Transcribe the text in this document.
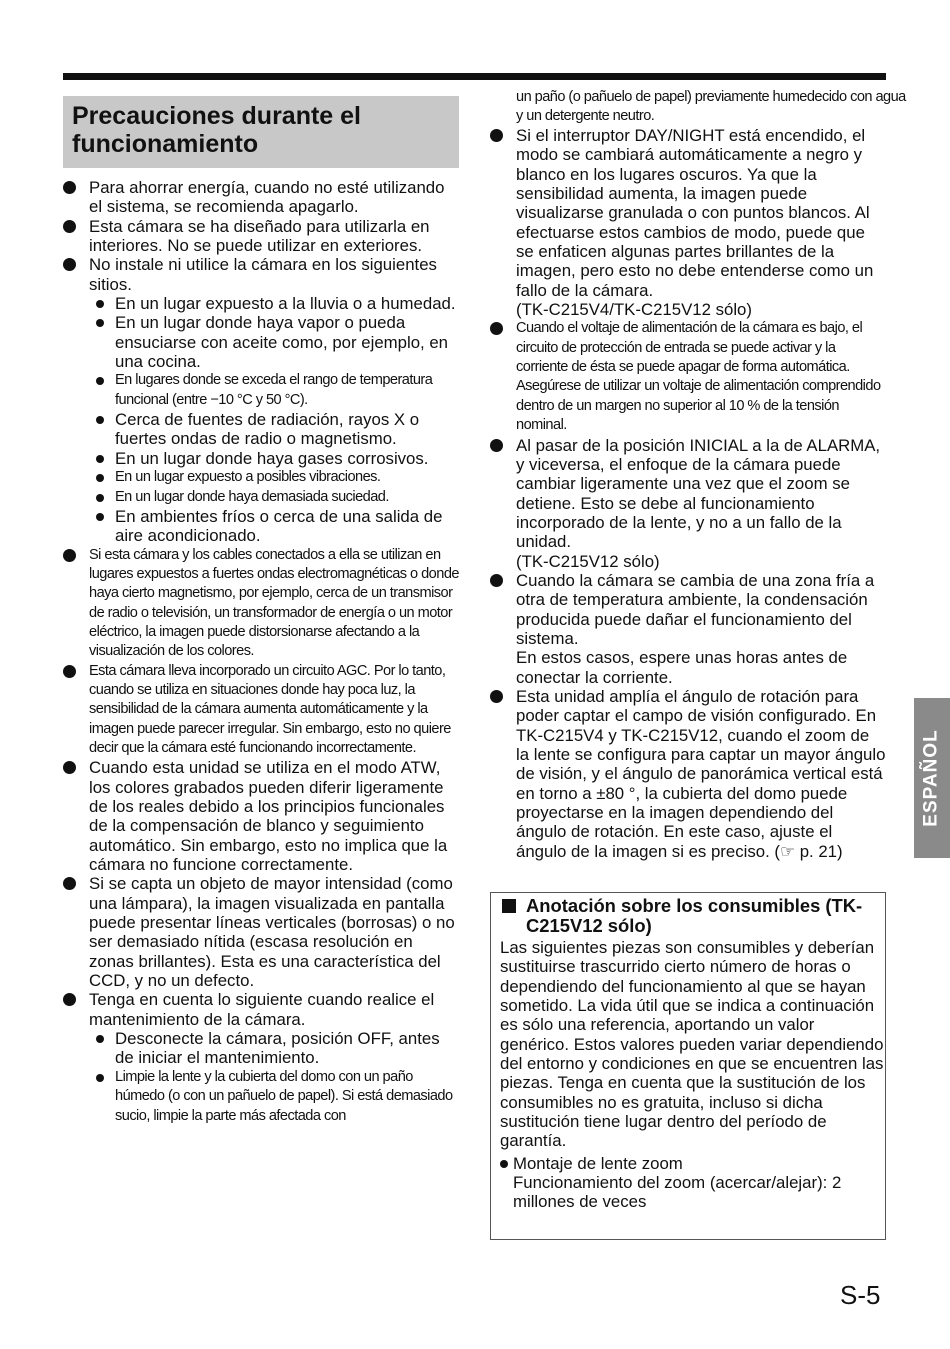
Precauciones durante el funcionamiento
Para ahorrar energía, cuando no esté utilizando el sistema, se recomienda apagarlo.
Esta cámara se ha diseñado para utilizarla en interiores. No se puede utilizar en exteriores.
No instale ni utilice la cámara en los siguientes sitios.
En un lugar expuesto a la lluvia o a humedad.
En un lugar donde haya vapor o pueda ensuciarse con aceite como, por ejemplo, en una cocina.
En lugares donde se exceda el rango de temperatura funcional (entre −10 °C y 50 °C).
Cerca de fuentes de radiación, rayos X o fuertes ondas de radio o magnetismo.
En un lugar donde haya gases corrosivos.
En un lugar expuesto a posibles vibraciones.
En un lugar donde haya demasiada suciedad.
En ambientes fríos o cerca de una salida de aire acondicionado.
Si esta cámara y los cables conectados a ella se utilizan en lugares expuestos a fuertes ondas electromagnéticas o donde haya cierto magnetismo, por ejemplo, cerca de un transmisor de radio o televisión, un transformador de energía o un motor eléctrico, la imagen puede distorsionarse afectando a la visualización de los colores.
Esta cámara lleva incorporado un circuito AGC. Por lo tanto, cuando se utiliza en situaciones donde hay poca luz, la sensibilidad de la cámara aumenta automáticamente y la imagen puede parecer irregular. Sin embargo, esto no quiere decir que la cámara esté funcionando incorrectamente.
Cuando esta unidad se utiliza en el modo ATW, los colores grabados pueden diferir ligeramente de los reales debido a los principios funcionales de la compensación de blanco y seguimiento automático. Sin embargo, esto no implica que la cámara no funcione correctamente.
Si se capta un objeto de mayor intensidad (como una lámpara), la imagen visualizada en pantalla puede presentar líneas verticales (borrosas) o no ser demasiado nítida (escasa resolución en zonas brillantes). Esta es una característica del CCD, y no un defecto.
Tenga en cuenta lo siguiente cuando realice el mantenimiento de la cámara.
Desconecte la cámara, posición OFF, antes de iniciar el mantenimiento.
Limpie la lente y la cubierta del domo con un paño húmedo (o con un pañuelo de papel). Si está demasiado sucio, limpie la parte más afectada con
un paño (o pañuelo de papel) previamente humedecido con agua y un detergente neutro.
Si el interruptor DAY/NIGHT está encendido, el modo se cambiará automáticamente a negro y blanco en los lugares oscuros. Ya que la sensibilidad aumenta, la imagen puede visualizarse granulada o con puntos blancos. Al efectuarse estos cambios de modo, puede que se enfaticen algunas partes brillantes de la imagen, pero esto no debe entenderse como un fallo de la cámara.
(TK-C215V4/TK-C215V12 sólo)
Cuando el voltaje de alimentación de la cámara es bajo, el circuito de protección de entrada se puede activar y la corriente de ésta se puede apagar de forma automática. Asegúrese de utilizar un voltaje de alimentación comprendido dentro de un margen no superior al 10 % de la tensión nominal.
Al pasar de la posición INICIAL a la de ALARMA, y viceversa, el enfoque de la cámara puede cambiar ligeramente una vez que el zoom se detiene. Esto se debe al funcionamiento incorporado de la lente, y no a un fallo de la unidad.
(TK-C215V12 sólo)
Cuando la cámara se cambia de una zona fría a otra de temperatura ambiente, la condensación producida puede dañar el funcionamiento del sistema.
En estos casos, espere unas horas antes de conectar la corriente.
Esta unidad amplía el ángulo de rotación para poder captar el campo de visión configurado. En TK-C215V4 y TK-C215V12, cuando el zoom de la lente se configura para captar un mayor ángulo de visión, y el ángulo de panorámica vertical está en torno a ±80 °, la cubierta del domo puede proyectarse en la imagen dependiendo del ángulo de rotación. En este caso, ajuste el ángulo de la imagen si es preciso. (☞ p. 21)
Anotación sobre los consumibles (TK-C215V12 sólo)
Las siguientes piezas son consumibles y deberían sustituirse trascurrido cierto número de horas o dependiendo del funcionamiento al que se hayan sometido. La vida útil que se indica a continuación es sólo una referencia, aportando un valor genérico. Estos valores pueden variar dependiendo del entorno y condiciones en que se encuentren las piezas. Tenga en cuenta que la sustitución de los consumibles no es gratuita, incluso si dicha sustitución tiene lugar dentro del período de garantía.
Montaje de lente zoom
Funcionamiento del zoom (acercar/alejar): 2 millones de veces
ESPAÑOL
S-5
